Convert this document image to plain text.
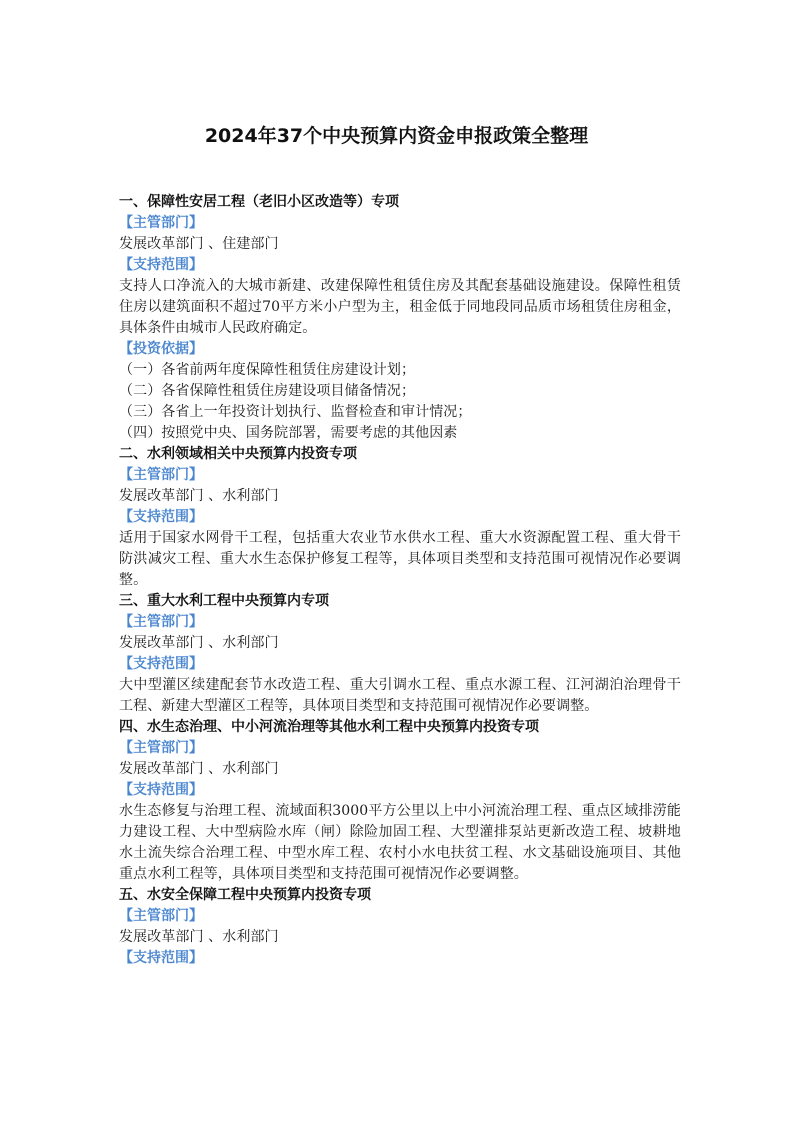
2024年37个中央预算内资金申报政策全整理
一、保障性安居工程（老旧小区改造等）专项
【主管部门】
发展改革部门 、住建部门
【支持范围】
支持人口净流入的大城市新建、改建保障性租赁住房及其配套基础设施建设。保障性租赁住房以建筑面积不超过70平方米小户型为主，租金低于同地段同品质市场租赁住房租金，具体条件由城市人民政府确定。
【投资依据】
（一）各省前两年度保障性租赁住房建设计划；
（二）各省保障性租赁住房建设项目储备情况；
（三）各省上一年投资计划执行、监督检查和审计情况；
（四）按照党中央、国务院部署，需要考虑的其他因素
二、水利领域相关中央预算内投资专项
【主管部门】
发展改革部门 、水利部门
【支持范围】
适用于国家水网骨干工程，包括重大农业节水供水工程、重大水资源配置工程、重大骨干防洪减灾工程、重大水生态保护修复工程等，具体项目类型和支持范围可视情况作必要调整。
三、重大水利工程中央预算内专项
【主管部门】
发展改革部门 、水利部门
【支持范围】
大中型灌区续建配套节水改造工程、重大引调水工程、重点水源工程、江河湖泊治理骨干工程、新建大型灌区工程等，具体项目类型和支持范围可视情况作必要调整。
四、水生态治理、中小河流治理等其他水利工程中央预算内投资专项
【主管部门】
发展改革部门 、水利部门
【支持范围】
水生态修复与治理工程、流域面积3000平方公里以上中小河流治理工程、重点区域排涝能力建设工程、大中型病险水库（闸）除险加固工程、大型灌排泵站更新改造工程、坡耕地水土流失综合治理工程、中型水库工程、农村小水电扶贫工程、水文基础设施项目、其他重点水利工程等，具体项目类型和支持范围可视情况作必要调整。
五、水安全保障工程中央预算内投资专项
【主管部门】
发展改革部门 、水利部门
【支持范围】
